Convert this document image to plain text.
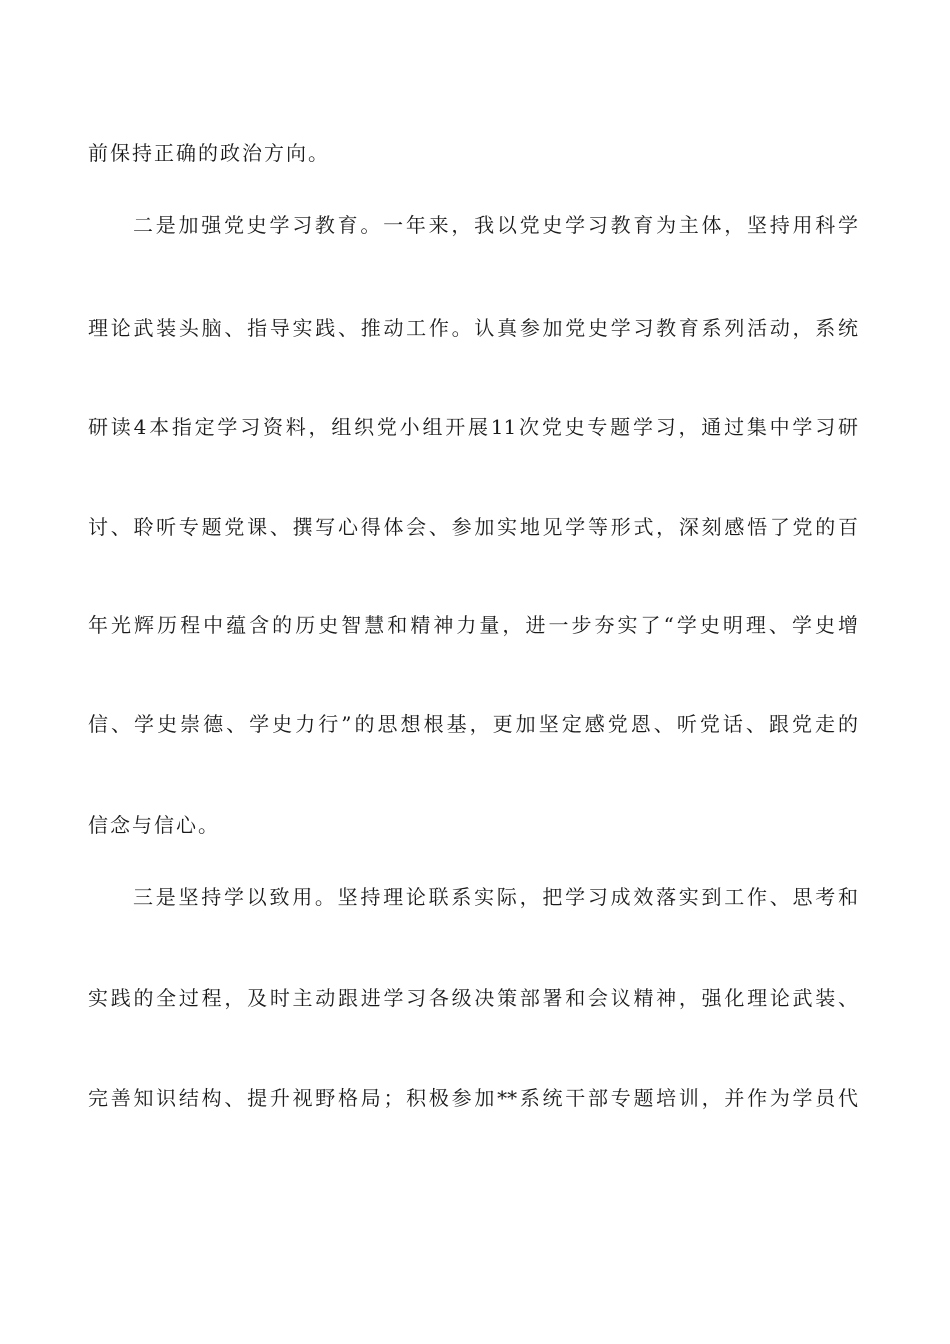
前保持正确的政治方向。
二是加强党史学习教育。一年来，我以党史学习教育为主体，坚持用科学
理论武装头脑、指导实践、推动工作。认真参加党史学习教育系列活动，系统
研读4本指定学习资料，组织党小组开展11次党史专题学习，通过集中学习研
讨、聆听专题党课、撰写心得体会、参加实地见学等形式，深刻感悟了党的百
年光辉历程中蕴含的历史智慧和精神力量，进一步夯实了“学史明理、学史增
信、学史崇德、学史力行”的思想根基，更加坚定感党恩、听党话、跟党走的
信念与信心。
三是坚持学以致用。坚持理论联系实际，把学习成效落实到工作、思考和
实践的全过程，及时主动跟进学习各级决策部署和会议精神，强化理论武装、
完善知识结构、提升视野格局；积极参加**系统干部专题培训，并作为学员代
